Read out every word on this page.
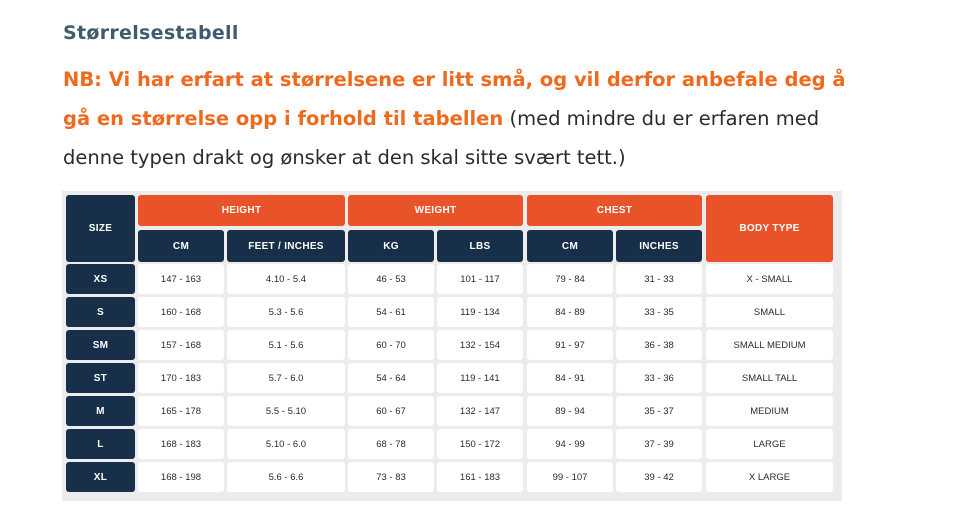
Størrelsestabell
NB: Vi har erfart at størrelsene er litt små, og vil derfor anbefale deg å gå en størrelse opp i forhold til tabellen (med mindre du er erfaren med denne typen drakt og ønsker at den skal sitte svært tett.)
SIZE
HEIGHT	WEIGHT	CHEST
BODY TYPE
CM	FEET / INCHES	KG	LBS	CM	INCHES
XS	147 - 163	4.10 - 5.4	46 - 53	101 - 117	79 - 84	31 - 33	X - SMALL
S	160 - 168	5.3 - 5.6	54 - 61	119 - 134	84 - 89	33 - 35	SMALL
SM	157 - 168	5.1 - 5.6	60 - 70	132 - 154	91 - 97	36 - 38	SMALL MEDIUM
ST	170 - 183	5.7 - 6.0	54 - 64	119 - 141	84 - 91	33 - 36	SMALL TALL
M	165 - 178	5.5 - 5.10	60 - 67	132 - 147	89 - 94	35 - 37	MEDIUM
L	168 - 183	5.10 - 6.0	68 - 78	150 - 172	94 - 99	37 - 39	LARGE
XL	168 - 198	5.6 - 6.6	73 - 83	161 - 183	99 - 107	39 - 42	X LARGE
